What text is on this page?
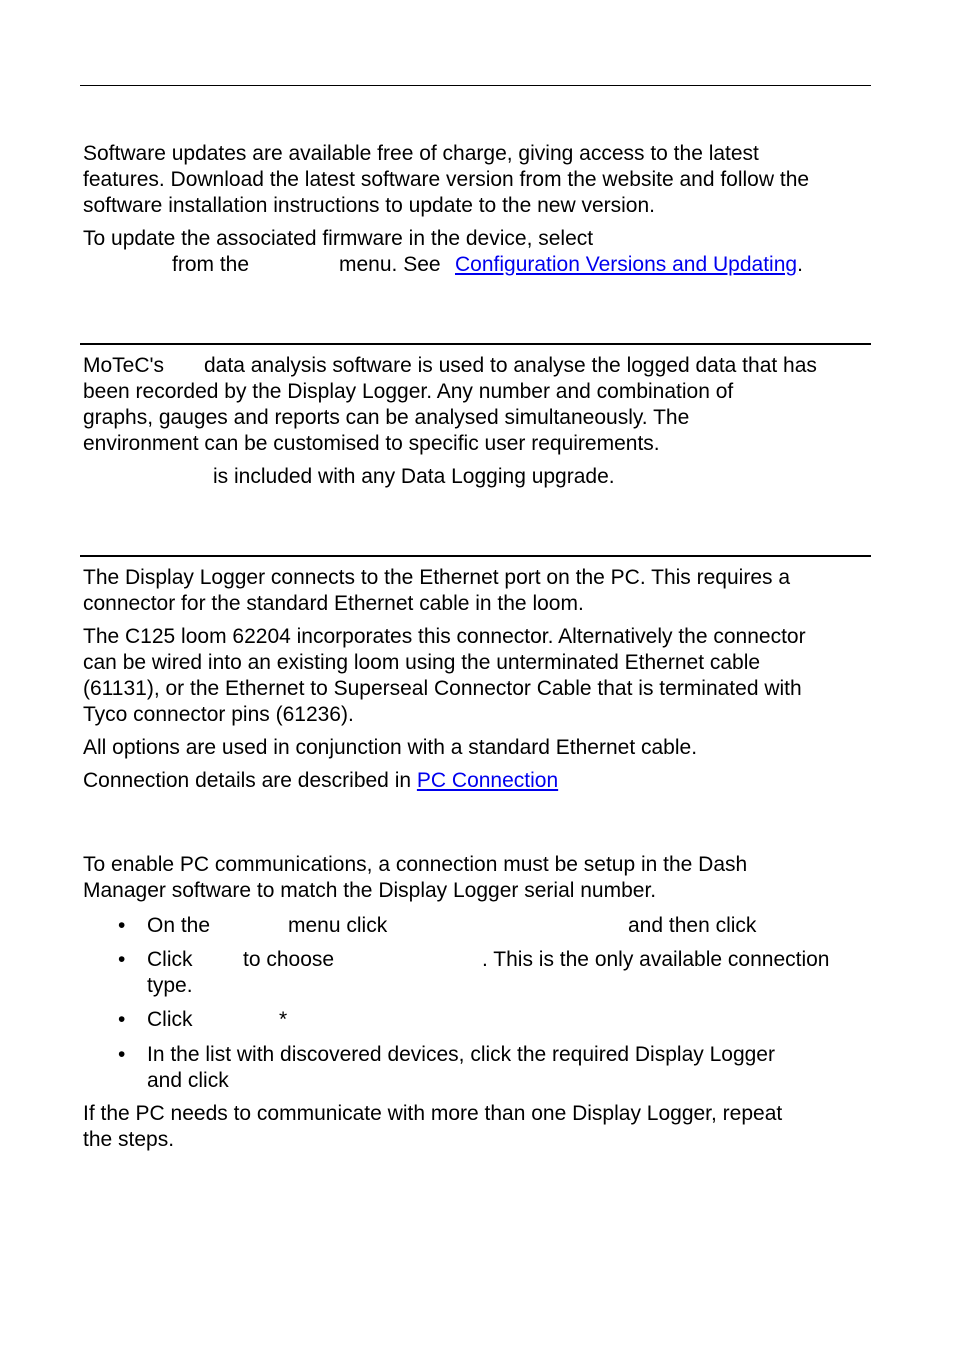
Software updates are available free of charge, giving access to the latest
features. Download the latest software version from the website and follow the
software installation instructions to update to the new version.
To update the associated firmware in the device, select
from the	menu. See Configuration Versions and Updating.
MoTeC's data analysis software is used to analyse the logged data that has
been recorded by the Display Logger. Any number and combination of
graphs, gauges and reports can be analysed simultaneously. The
environment can be customised to specific user requirements.
is included with any Data Logging upgrade.
The Display Logger connects to the Ethernet port on the PC. This requires a
connector for the standard Ethernet cable in the loom.
The C125 loom 62204 incorporates this connector. Alternatively the connector
can be wired into an existing loom using the unterminated Ethernet cable
(61131), or the Ethernet to Superseal Connector Cable that is terminated with
Tyco connector pins (61236).
All options are used in conjunction with a standard Ethernet cable.
Connection details are described in PC Connection
To enable PC communications, a connection must be setup in the Dash
Manager software to match the Display Logger serial number.
•	On the	menu click	and then click
•	Click to choose	. This is the only available connection
type.
•	Click	*
•	In the list with discovered devices, click the required Display Logger
and click
If the PC needs to communicate with more than one Display Logger, repeat
the steps.
